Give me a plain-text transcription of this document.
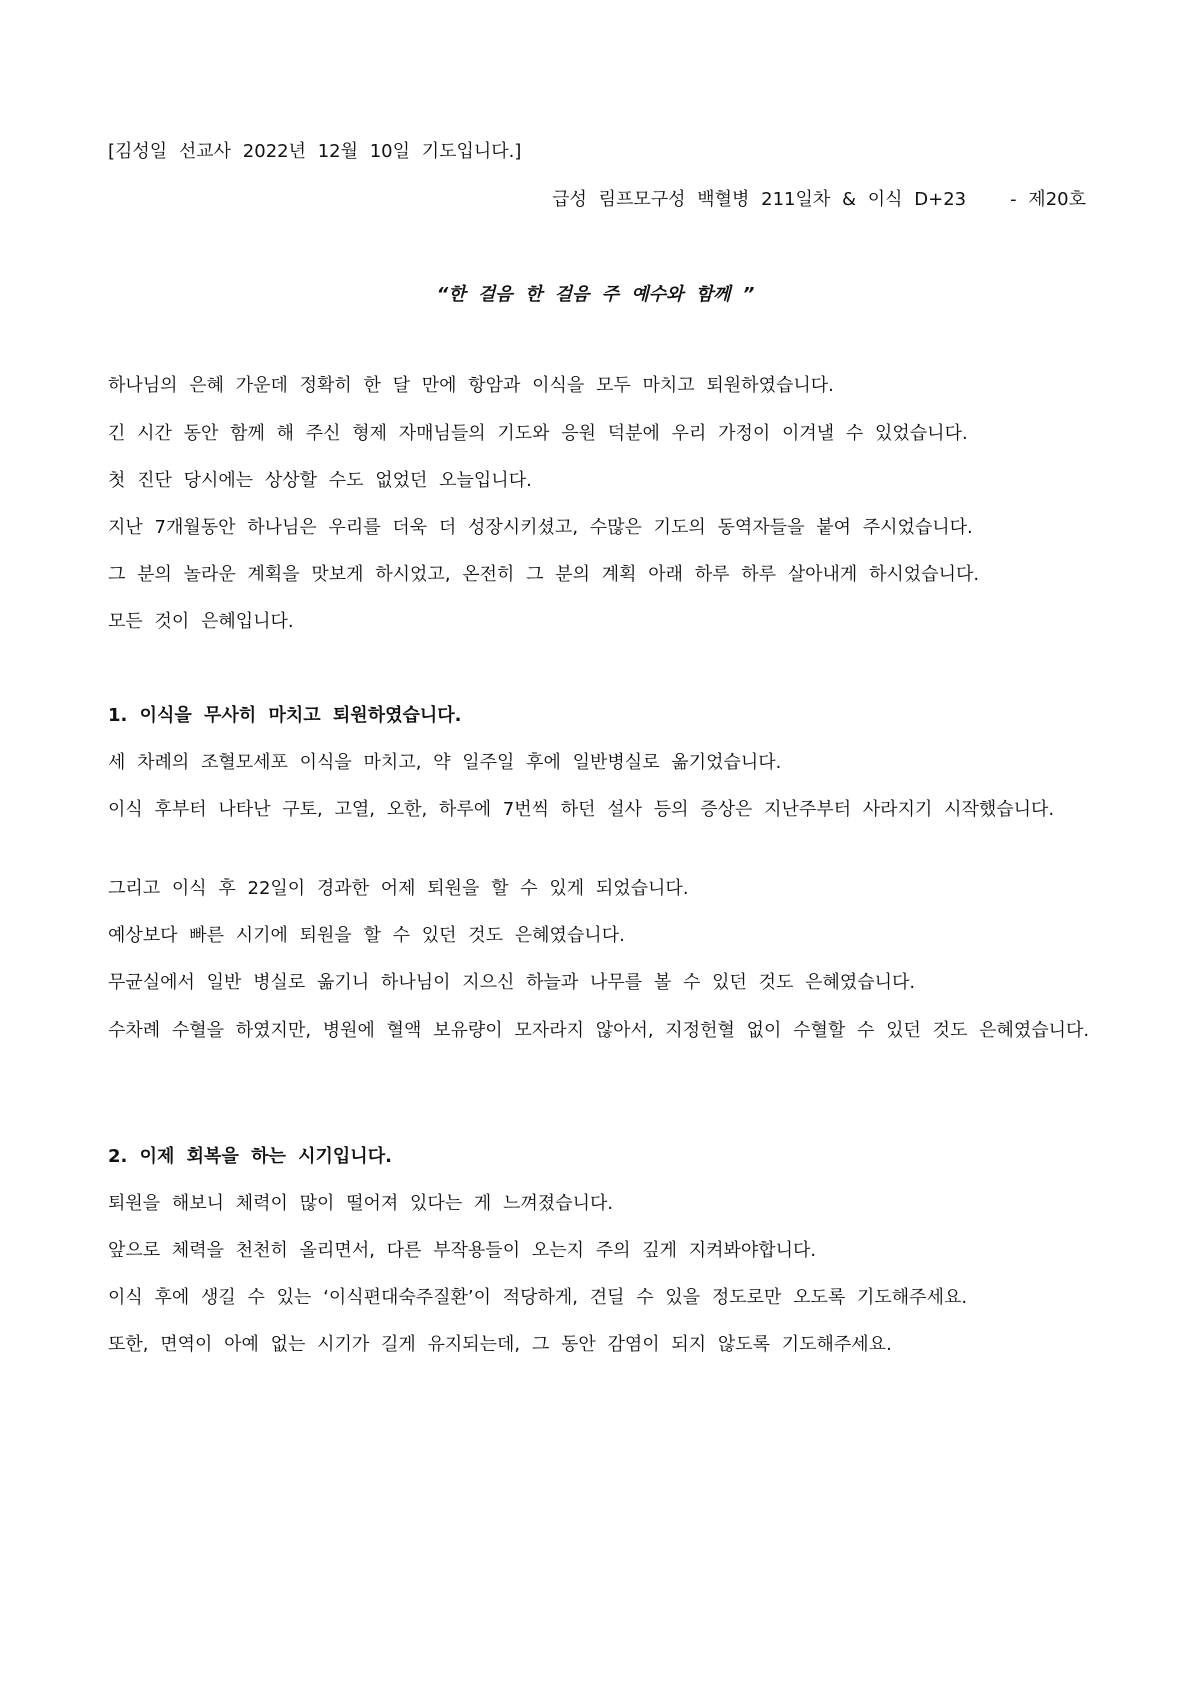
[김성일 선교사 2022년 12월 10일 기도입니다.]

급성 림프모구성 백혈병 211일차 & 이식 D+23 - 제20호

“한 걸음 한 걸음 주 예수와 함께 ”

하나님의 은혜 가운데 정확히 한 달 만에 항암과 이식을 모두 마치고 퇴원하였습니다.

긴 시간 동안 함께 해 주신 형제 자매님들의 기도와 응원 덕분에 우리 가정이 이겨낼 수 있었습니다.

첫 진단 당시에는 상상할 수도 없었던 오늘입니다.

지난 7개월동안 하나님은 우리를 더욱 더 성장시키셨고, 수많은 기도의 동역자들을 붙여 주시었습니다.

그 분의 놀라운 계획을 맛보게 하시었고, 온전히 그 분의 계획 아래 하루 하루 살아내게 하시었습니다.

모든 것이 은혜입니다.

1. 이식을 무사히 마치고 퇴원하였습니다.

세 차례의 조혈모세포 이식을 마치고, 약 일주일 후에 일반병실로 옮기었습니다.

이식 후부터 나타난 구토, 고열, 오한, 하루에 7번씩 하던 설사 등의 증상은 지난주부터 사라지기 시작했습니다.

그리고 이식 후 22일이 경과한 어제 퇴원을 할 수 있게 되었습니다.

예상보다 빠른 시기에 퇴원을 할 수 있던 것도 은혜였습니다.

무균실에서 일반 병실로 옮기니 하나님이 지으신 하늘과 나무를 볼 수 있던 것도 은혜였습니다.

수차례 수혈을 하였지만, 병원에 혈액 보유량이 모자라지 않아서, 지정헌혈 없이 수혈할 수 있던 것도 은혜였습니다.

2. 이제 회복을 하는 시기입니다.

퇴원을 해보니 체력이 많이 떨어져 있다는 게 느껴졌습니다.

앞으로 체력을 천천히 올리면서, 다른 부작용들이 오는지 주의 깊게 지켜봐야합니다.

이식 후에 생길 수 있는 ‘이식편대숙주질환’이 적당하게, 견딜 수 있을 정도로만 오도록 기도해주세요.

또한, 면역이 아예 없는 시기가 길게 유지되는데, 그 동안 감염이 되지 않도록 기도해주세요.
